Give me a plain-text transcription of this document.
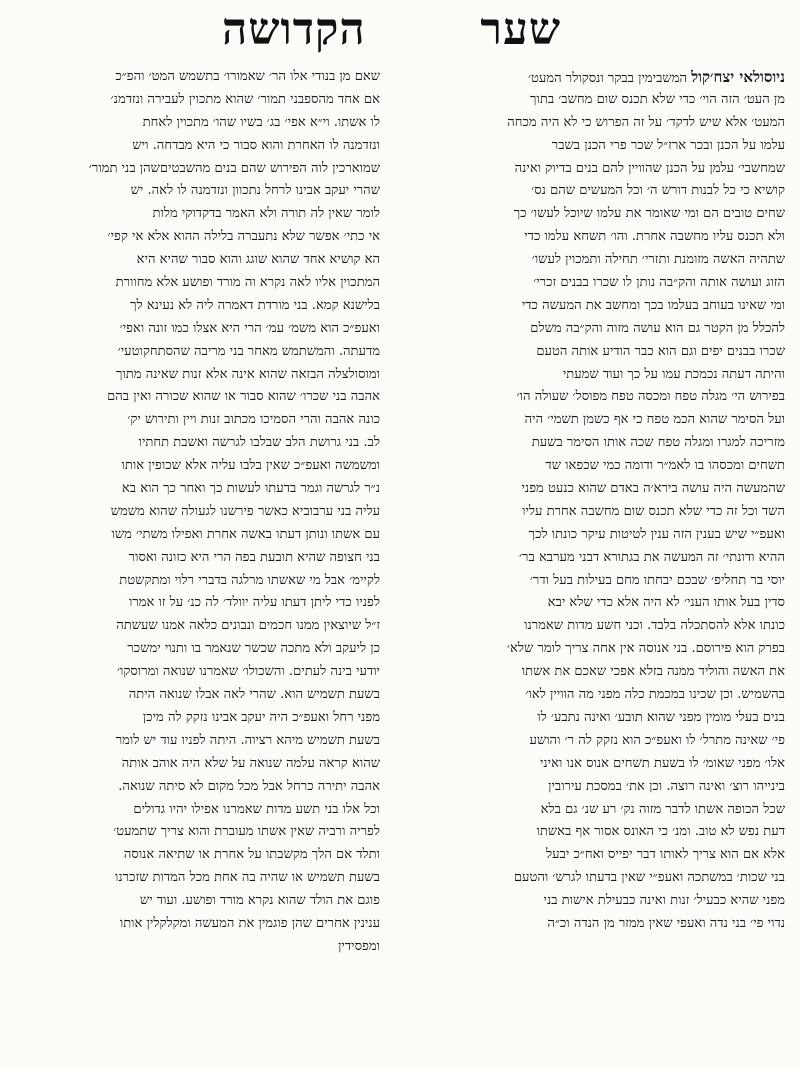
שער
הקדושה

ניוסולאי יצח׳קול המשבימין בבקר ונסקולר המעט׳
מן העט׳ הזה הוי׳ כדי שלא תכנס שום מחשב׳ בתוך
המעט׳ אלא שיש לדקד׳ על זה הפרוש כי לא היה מכחה
עלמו על הכנן ובכר ארז״ל שכר פרי הכנן בשבר
שמחשבי׳ עלמן על הכנן שהוויין להם בנים בדיוק ואינה
קושיא כי כל לבנות דורש ה׳ וכל המעשים שהם נס׳
שחים טובים הם ומי שאומר את עלמו שיוכל לעשו׳ כך
ולא תכנס עליו מחשבה אחרת. והו׳ תשחא עלמו כדי
שתהיה האשה מזומנת ותזרי׳ תחילה ותמכוין לעשו׳
הזוג ועושה אותה והק״בה נותן לו שכרו בבנים זכרי׳
ומי שאינו בעוחב בעלמו בכך ומחשב את המעשה כדי
להכלל מן הקטר גם הוא עושה מזוה והק״בה משלם
שכרו בבנים יפים וגם הוא כבר הודיע אותה הטעם
והיתה דעתה נכמכת עמו על כך ועוד שמעתי
בפירוש הי׳ מגלה טפח ומכסה טפח מפוסל׳ שעולה הו׳
ועל הסימר שהוא הכמ טפח כי אף כשמן תשמי׳ היה
מזריכה למגרו ומגלה טפח שכה אותו הסימר בשעת
תשחים ומכסהו בו לאמ״ר ודומה כמי שכפאו שד
שהמעשה היה עושה בירא׳ה באדם שהוא כנעט מפני
השד וכל זה כדי שלא תכנס שום מחשבה אחרת עליו
ואעפ״י שיש בענין הזה ענין לטיטות עיקר כונתו לכך
ההיא ודונתי׳ זה המעשה את בגתורא דבני מערבא בר׳
יוסי בר תחליפ׳ שבכם יבחתו מחם בעילות בעל ודר׳
סדין בעל אותו העני׳ לא היה אלא כדי שלא יבא
כונתו אלא להסתכלה בלבד. וכני חשע מדות שאמרנו
בפרק הוא פירוסם. בני אנוסה אין אחה צריך לומר שלא׳
את האשה והוליד ממנה בזלא אפכי שאכם את אשתו
בהשמיש. וכן שכינו במכמת כלה מפני מה הוויין לאו׳
בנים בעלי מומין מפני שהוא תובע׳ ואינה נתבע׳ לו
פי׳ שאינה מתרל׳ לו ואעפ״כ הוא נזקק לה ר׳ והושע
אלו׳ מפני שאומ׳ לו בשעת תשחים אנוס אנו ואיני
בינייהו רוצ׳ ואינה רוצה. וכן את׳ במסכת עירובין
שכל הכופה אשתו לדבר מזוה נק׳ רע שנ׳ גם בלא
דעת נפש לא טוב. ומנ׳ כי האונס אסור אף באשתו
אלא אם הוא צריך לאותו דבר יפייס ואח״כ יבעל
בני שכות׳ במשתכה ואעפ״י שאין בדעתו לגרש׳ והטעם
מפני שהיא כבעיל׳ זנות ואינה כבעילת אישות בני
נדוי פי׳ בני נדה ואעפי שאין ממזר מן הנדה וכ״ה

שאם מן בנודי אלו הר׳ שאמורו׳ בתשמש המט׳ והפ״כ
אם אחד מהספבני תמור׳ שהוא מתכוין לעבירה ונזדמנ׳
לו אשתו. וי״א אפי׳ בג׳ בשיו שהו׳ מתכוין לאחת
ונזדמנה לו האחרת והוא סבור כי היא מבדחה. ויש
שמוארכין לוה הפירוש שהם בנים מהשבטיםשהן בני תמור׳
שהרי יעקב אבינו לרחל נתכוון ונזדמנה לו לאה. יש
לומר שאין לה תורה ולא האמר בדקדוקי מלות
אי כתי׳ אפשר שלא נתעברה בלילה ההוא אלא אי קפי׳
הא קושיא אחד שהוא שוגג והוא סבור שהיא היא
המתכוין אליו לאה נקרא וה מורד ופושע אלא מחוורת
בלישנא קמא. בני מורדת דאמרה ליה לא נעינא לך
ואעפ״כ הוא משמ׳ עמ׳ הרי היא אצלו כמו זונה ואפי׳
מדעתה. והמשתמש מאחר בני מריבה שהסתחקוטעי׳
ומוסולצלה הבזאה שהוא אינה אלא זנות שאינה מתוך
אהבה בני שכרו׳ שהוא סבור או שהוא שכורה ואין בהם
כונה אהבה והרי הסמיכו מכתוב זנות ויין ותירוש יק׳
לב. בני גרושת הלב שבלבו לגרשה ואשבת תחתיו
ומשמשה ואעפ״כ שאין בלבו עליה אלא שכופין אותו
נ״ר לגרשה וגמר בדעתו לעשות כך ואחר כך הוא בא
עליה בני ערבוביא כאשר פירשנו לגעולה שהוא משמש
עם אשתו ונותן דעתו באשה אחרת ואפילו משתי׳ משו
בני חצופה שהיא תובעת בפה הרי היא כזונה ואסור
לקיימ׳ אבל מי שאשתו מרלגה בדברי רלוי ומתקשטת
לפניו כדי ליתן דעתו עליה יוולד׳ לה כנ׳ על זו אמרו
ז״ל שיוצאין ממנו חכמים ונבונים כלאה אמנו שעשתה
כן ליעקב ולא מתכה שכשר שנאמר בו ותנוי ימשכר
יודעי בינה לעתים. והשכולו׳ שאמרנו שנואה ומרוסקו׳
בשעת תשמיש הוא. שהרי לאה אבלו שנואה היתה
מפני רחל ואעפ״כ היה יעקב אבינו נזקק לה מיכן
בשעת תשמיש מיהא רציוה. היתה לפניו עוד יש לומר
שהוא קראה עלמה שנואה על שלא היה אוהב אותה
אהבה יתירה כרחל אבל מכל מקום לא סיתה שנואה.
וכל אלו בני תשע מדות שאמרנו אפילו יהיו גדולים
לפריה ורביה שאין אשתו מעוברת והוא צריך שתמעט׳
ותלד אם הלך מקשבתו על אחרת או שתיאה אנוסה
בשעת תשמיש או שהיה בה אחת מכל המדות שזכרנו
פוגם את הולד שהוא נקרא מורד ופושע. ועוד יש
ענינין אחרים שהן פוגמין את המעשה ומקלקלין אותו
ומפסידין
